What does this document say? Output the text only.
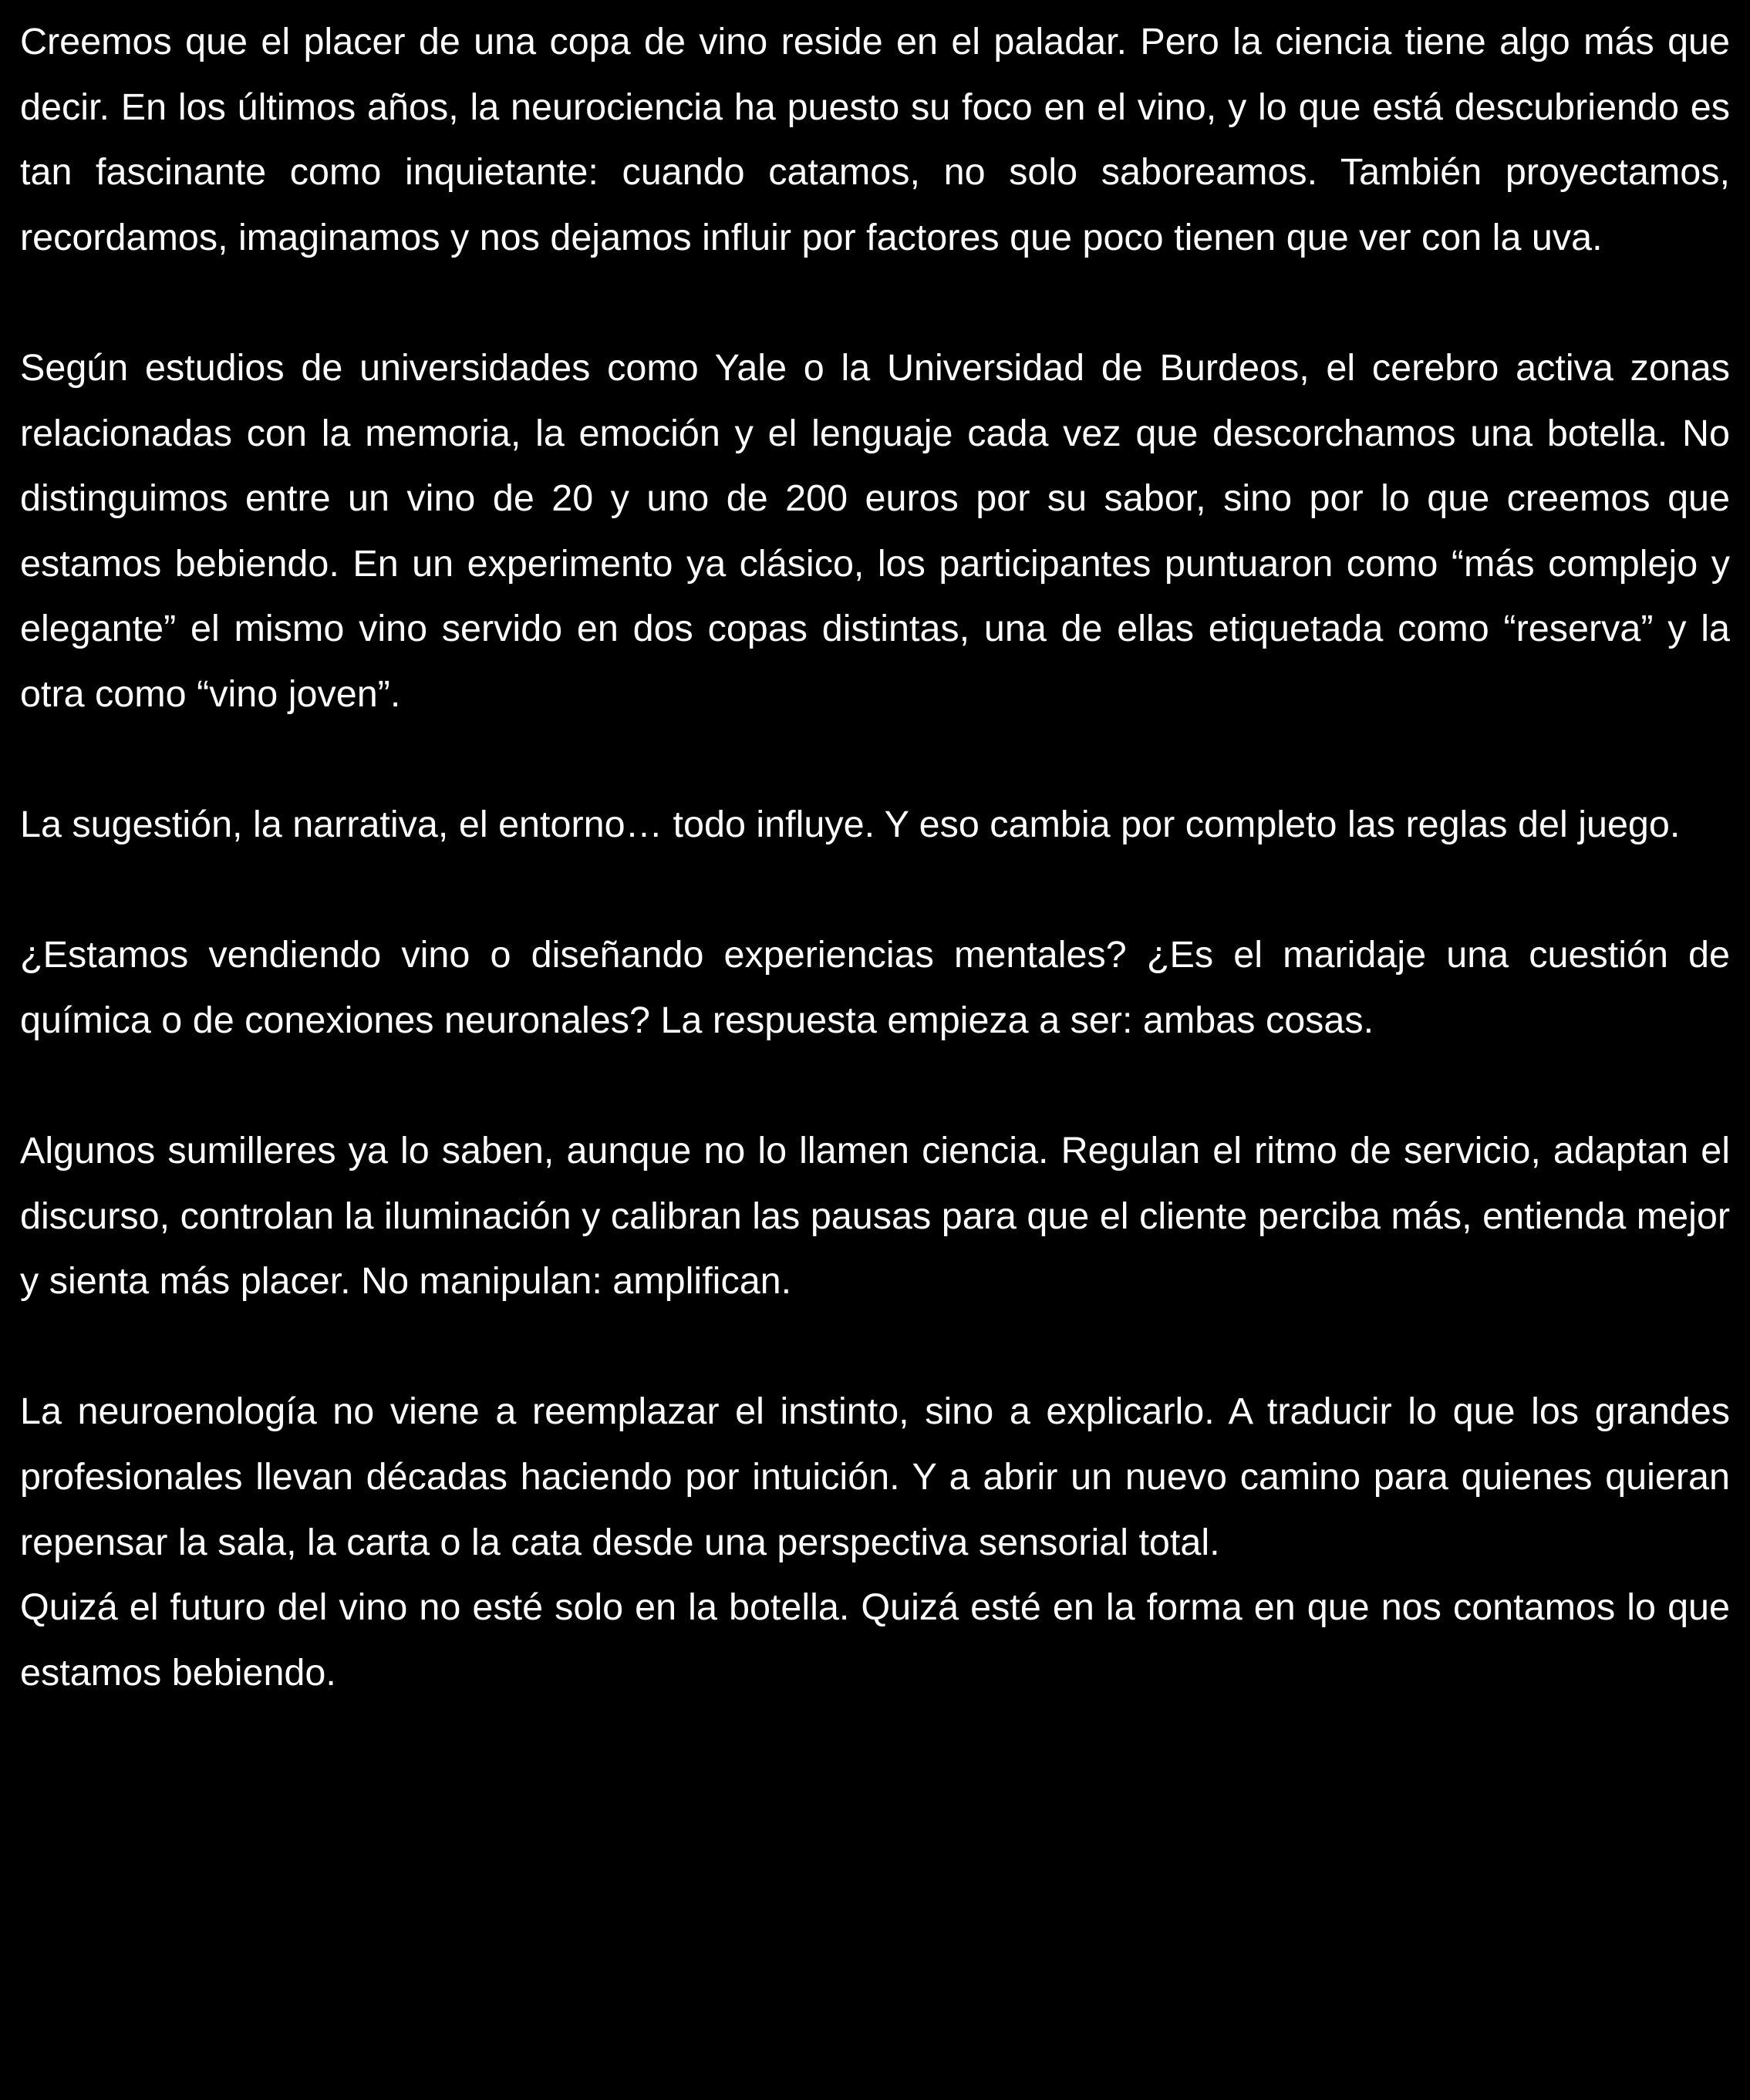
Creemos que el placer de una copa de vino reside en el paladar. Pero la ciencia tiene algo más que decir. En los últimos años, la neurociencia ha puesto su foco en el vino, y lo que está descubriendo es tan fascinante como inquietante: cuando catamos, no solo saboreamos. También proyectamos, recordamos, imaginamos y nos dejamos influir por factores que poco tienen que ver con la uva.

Según estudios de universidades como Yale o la Universidad de Burdeos, el cerebro activa zonas relacionadas con la memoria, la emoción y el lenguaje cada vez que descorchamos una botella. No distinguimos entre un vino de 20 y uno de 200 euros por su sabor, sino por lo que creemos que estamos bebiendo. En un experimento ya clásico, los participantes puntuaron como “más complejo y elegante” el mismo vino servido en dos copas distintas, una de ellas etiquetada como “reserva” y la otra como “vino joven”.

La sugestión, la narrativa, el entorno… todo influye. Y eso cambia por completo las reglas del juego.

¿Estamos vendiendo vino o diseñando experiencias mentales? ¿Es el maridaje una cuestión de química o de conexiones neuronales? La respuesta empieza a ser: ambas cosas.

Algunos sumilleres ya lo saben, aunque no lo llamen ciencia. Regulan el ritmo de servicio, adaptan el discurso, controlan la iluminación y calibran las pausas para que el cliente perciba más, entienda mejor y sienta más placer. No manipulan: amplifican.

La neuroenología no viene a reemplazar el instinto, sino a explicarlo. A traducir lo que los grandes profesionales llevan décadas haciendo por intuición. Y a abrir un nuevo camino para quienes quieran repensar la sala, la carta o la cata desde una perspectiva sensorial total.

Quizá el futuro del vino no esté solo en la botella. Quizá esté en la forma en que nos contamos lo que estamos bebiendo.
